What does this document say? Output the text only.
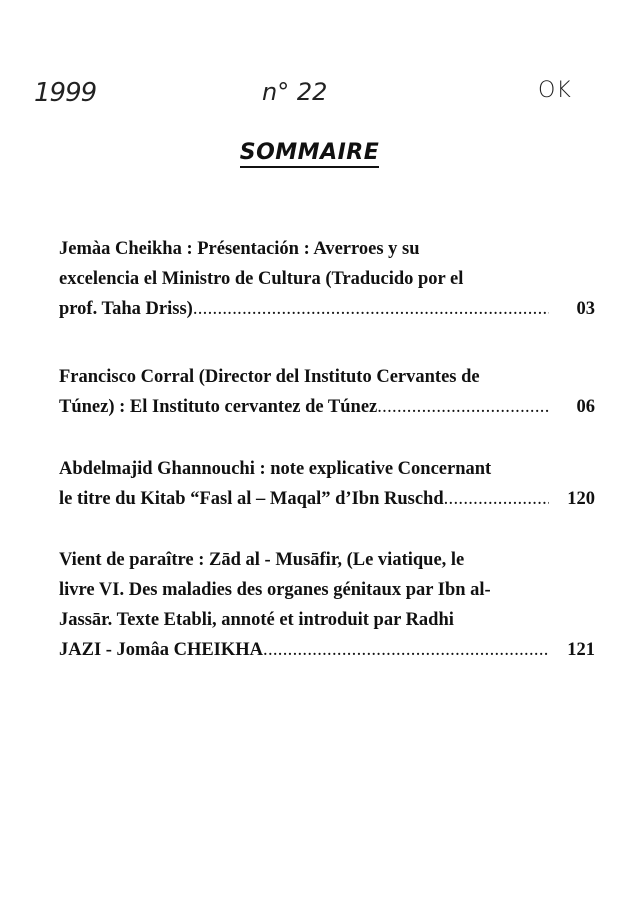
1999	n° 22	OK
SOMMAIRE
Jemàa Cheikha : Présentación : Averroes y su
excelencia el Ministro de Cultura (Traducido por el
prof. Taha Driss) .....	03
Francisco Corral (Director del Instituto Cervantes de
Túnez) : El Instituto cervantez de Túnez .....	06
Abdelmajid Ghannouchi : note explicative Concernant
le titre du Kitab “Fasl al – Maqal” d’Ibn Ruschd .....	120
Vient de paraître : Zād al - Musāfir, (Le viatique, le
livre VI. Des maladies des organes génitaux par Ibn al-
Jassār. Texte Etabli, annoté et introduit par Radhi
JAZI - Jomâa CHEIKHA .....	121
